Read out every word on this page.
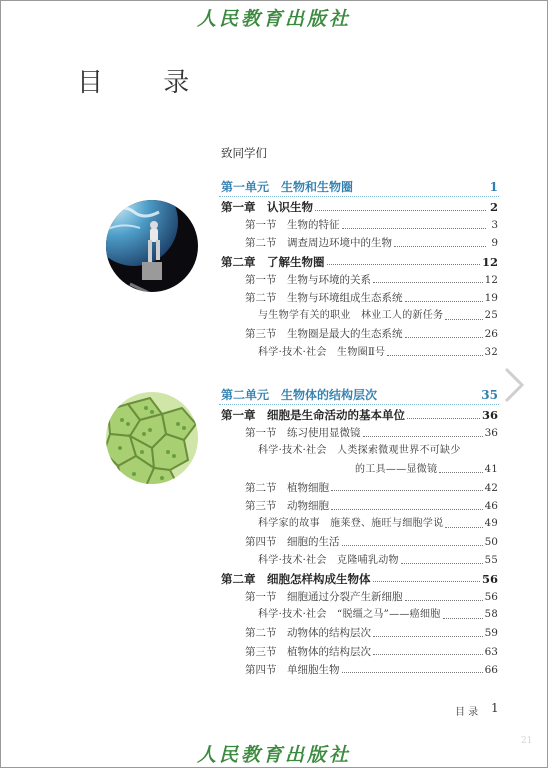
人民教育出版社
目 录
致同学们
第一单元　生物和生物圈	1
第一章　认识生物	2
第一节　生物的特征	3
第二节　调查周边环境中的生物	9
第二章　了解生物圈	12
第一节　生物与环境的关系	12
第二节　生物与环境组成生态系统	19
与生物学有关的职业　林业工人的新任务	25
第三节　生物圈是最大的生态系统	26
科学·技术·社会　生物圈Ⅱ号	32
第二单元　生物体的结构层次	35
第一章　细胞是生命活动的基本单位	36
第一节　练习使用显微镜	36
科学·技术·社会　人类探索微观世界不可缺少
的工具——显微镜	41
第二节　植物细胞	42
第三节　动物细胞	46
科学家的故事　施莱登、施旺与细胞学说	49
第四节　细胞的生活	50
科学·技术·社会　克隆哺乳动物	55
第二章　细胞怎样构成生物体	56
第一节　细胞通过分裂产生新细胞	56
科学·技术·社会　“脱缰之马”——癌细胞	58
第二节　动物体的结构层次	59
第三节　植物体的结构层次	63
第四节　单细胞生物	66
目 录 1
21
人民教育出版社
